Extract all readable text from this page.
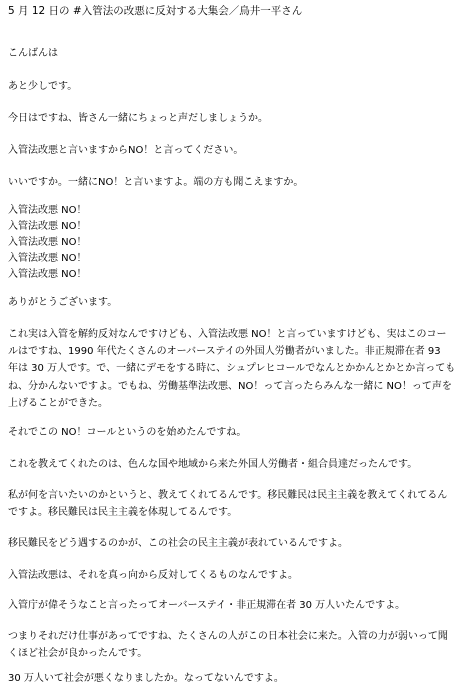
5 月 12 日の #入管法の改悪に反対する大集会／鳥井一平さん

こんばんは

あと少しです。

今日はですね、皆さん一緒にちょっと声だしましょうか。

入管法改悪と言いますからNO！と言ってください。

いいですか。一緒にNO！と言いますよ。端の方も聞こえますか。

入管法改悪 NO！
入管法改悪 NO！
入管法改悪 NO！
入管法改悪 NO！
入管法改悪 NO！

ありがとうございます。

これ実は入管を解約反対なんですけども、入管法改悪 NO！と言っていますけども、実はこのコー
ルはですね、1990 年代たくさんのオーバーステイの外国人労働者がいました。非正規滞在者 93
年は 30 万人です。で、一緒にデモをする時に、シュプレヒコールでなんとかかんとかとか言っても
ね、分かんないですよ。でもね、労働基準法改悪、NO！って言ったらみんな一緒に NO！って声を
上げることができた。

それでこの NO！コールというのを始めたんですね。

これを教えてくれたのは、色んな国や地域から来た外国人労働者・組合員達だったんです。

私が何を言いたいのかというと、教えてくれてるんです。移民難民は民主主義を教えてくれてるん
ですよ。移民難民は民主主義を体現してるんです。

移民難民をどう遇するのかが、この社会の民主主義が表れているんですよ。

入管法改悪は、それを真っ向から反対してくるものなんですよ。

入管庁が偉そうなこと言ったってオーバーステイ・非正規滞在者 30 万人いたんですよ。

つまりそれだけ仕事があってですね、たくさんの人がこの日本社会に来た。入管の力が弱いって聞
くほど社会が良かったんです。

30 万人いて社会が悪くなりましたか。なってないんですよ。
